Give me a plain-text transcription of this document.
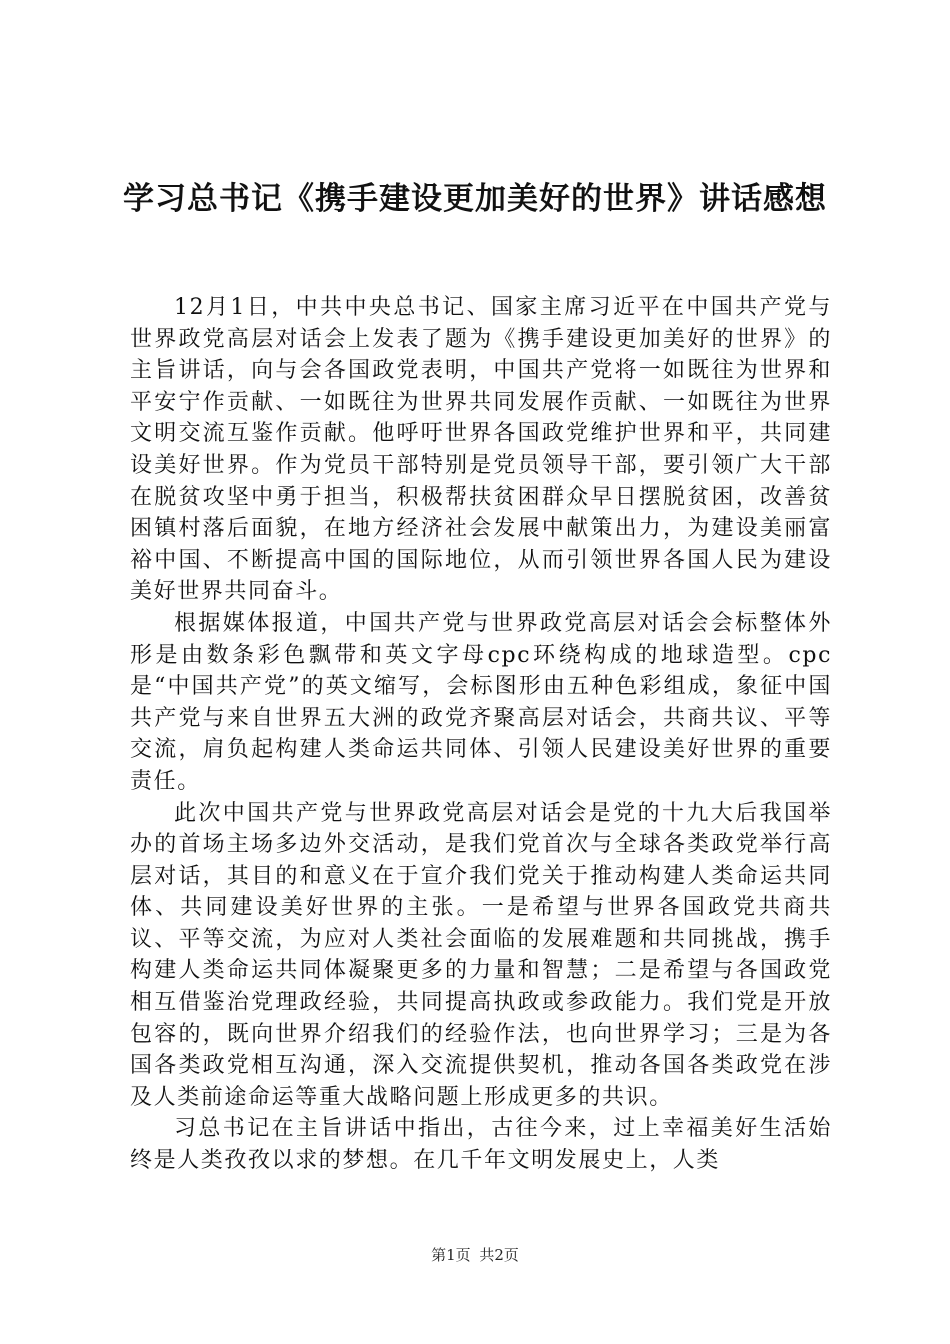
学习总书记《携手建设更加美好的世界》讲话感想

12月1日，中共中央总书记、国家主席习近平在中国共产党与世界政党高层对话会上发表了题为《携手建设更加美好的世界》的主旨讲话，向与会各国政党表明，中国共产党将一如既往为世界和平安宁作贡献、一如既往为世界共同发展作贡献、一如既往为世界文明交流互鉴作贡献。他呼吁世界各国政党维护世界和平，共同建设美好世界。作为党员干部特别是党员领导干部，要引领广大干部在脱贫攻坚中勇于担当，积极帮扶贫困群众早日摆脱贫困，改善贫困镇村落后面貌，在地方经济社会发展中献策出力，为建设美丽富裕中国、不断提高中国的国际地位，从而引领世界各国人民为建设美好世界共同奋斗。

根据媒体报道，中国共产党与世界政党高层对话会会标整体外形是由数条彩色飘带和英文字母cpc环绕构成的地球造型。cpc是“中国共产党”的英文缩写，会标图形由五种色彩组成，象征中国共产党与来自世界五大洲的政党齐聚高层对话会，共商共议、平等交流，肩负起构建人类命运共同体、引领人民建设美好世界的重要责任。

此次中国共产党与世界政党高层对话会是党的十九大后我国举办的首场主场多边外交活动，是我们党首次与全球各类政党举行高层对话，其目的和意义在于宣介我们党关于推动构建人类命运共同体、共同建设美好世界的主张。一是希望与世界各国政党共商共议、平等交流，为应对人类社会面临的发展难题和共同挑战，携手构建人类命运共同体凝聚更多的力量和智慧；二是希望与各国政党相互借鉴治党理政经验，共同提高执政或参政能力。我们党是开放包容的，既向世界介绍我们的经验作法，也向世界学习；三是为各国各类政党相互沟通，深入交流提供契机，推动各国各类政党在涉及人类前途命运等重大战略问题上形成更多的共识。

习总书记在主旨讲话中指出，古往今来，过上幸福美好生活始终是人类孜孜以求的梦想。在几千年文明发展史上，人类

第1页 共2页
